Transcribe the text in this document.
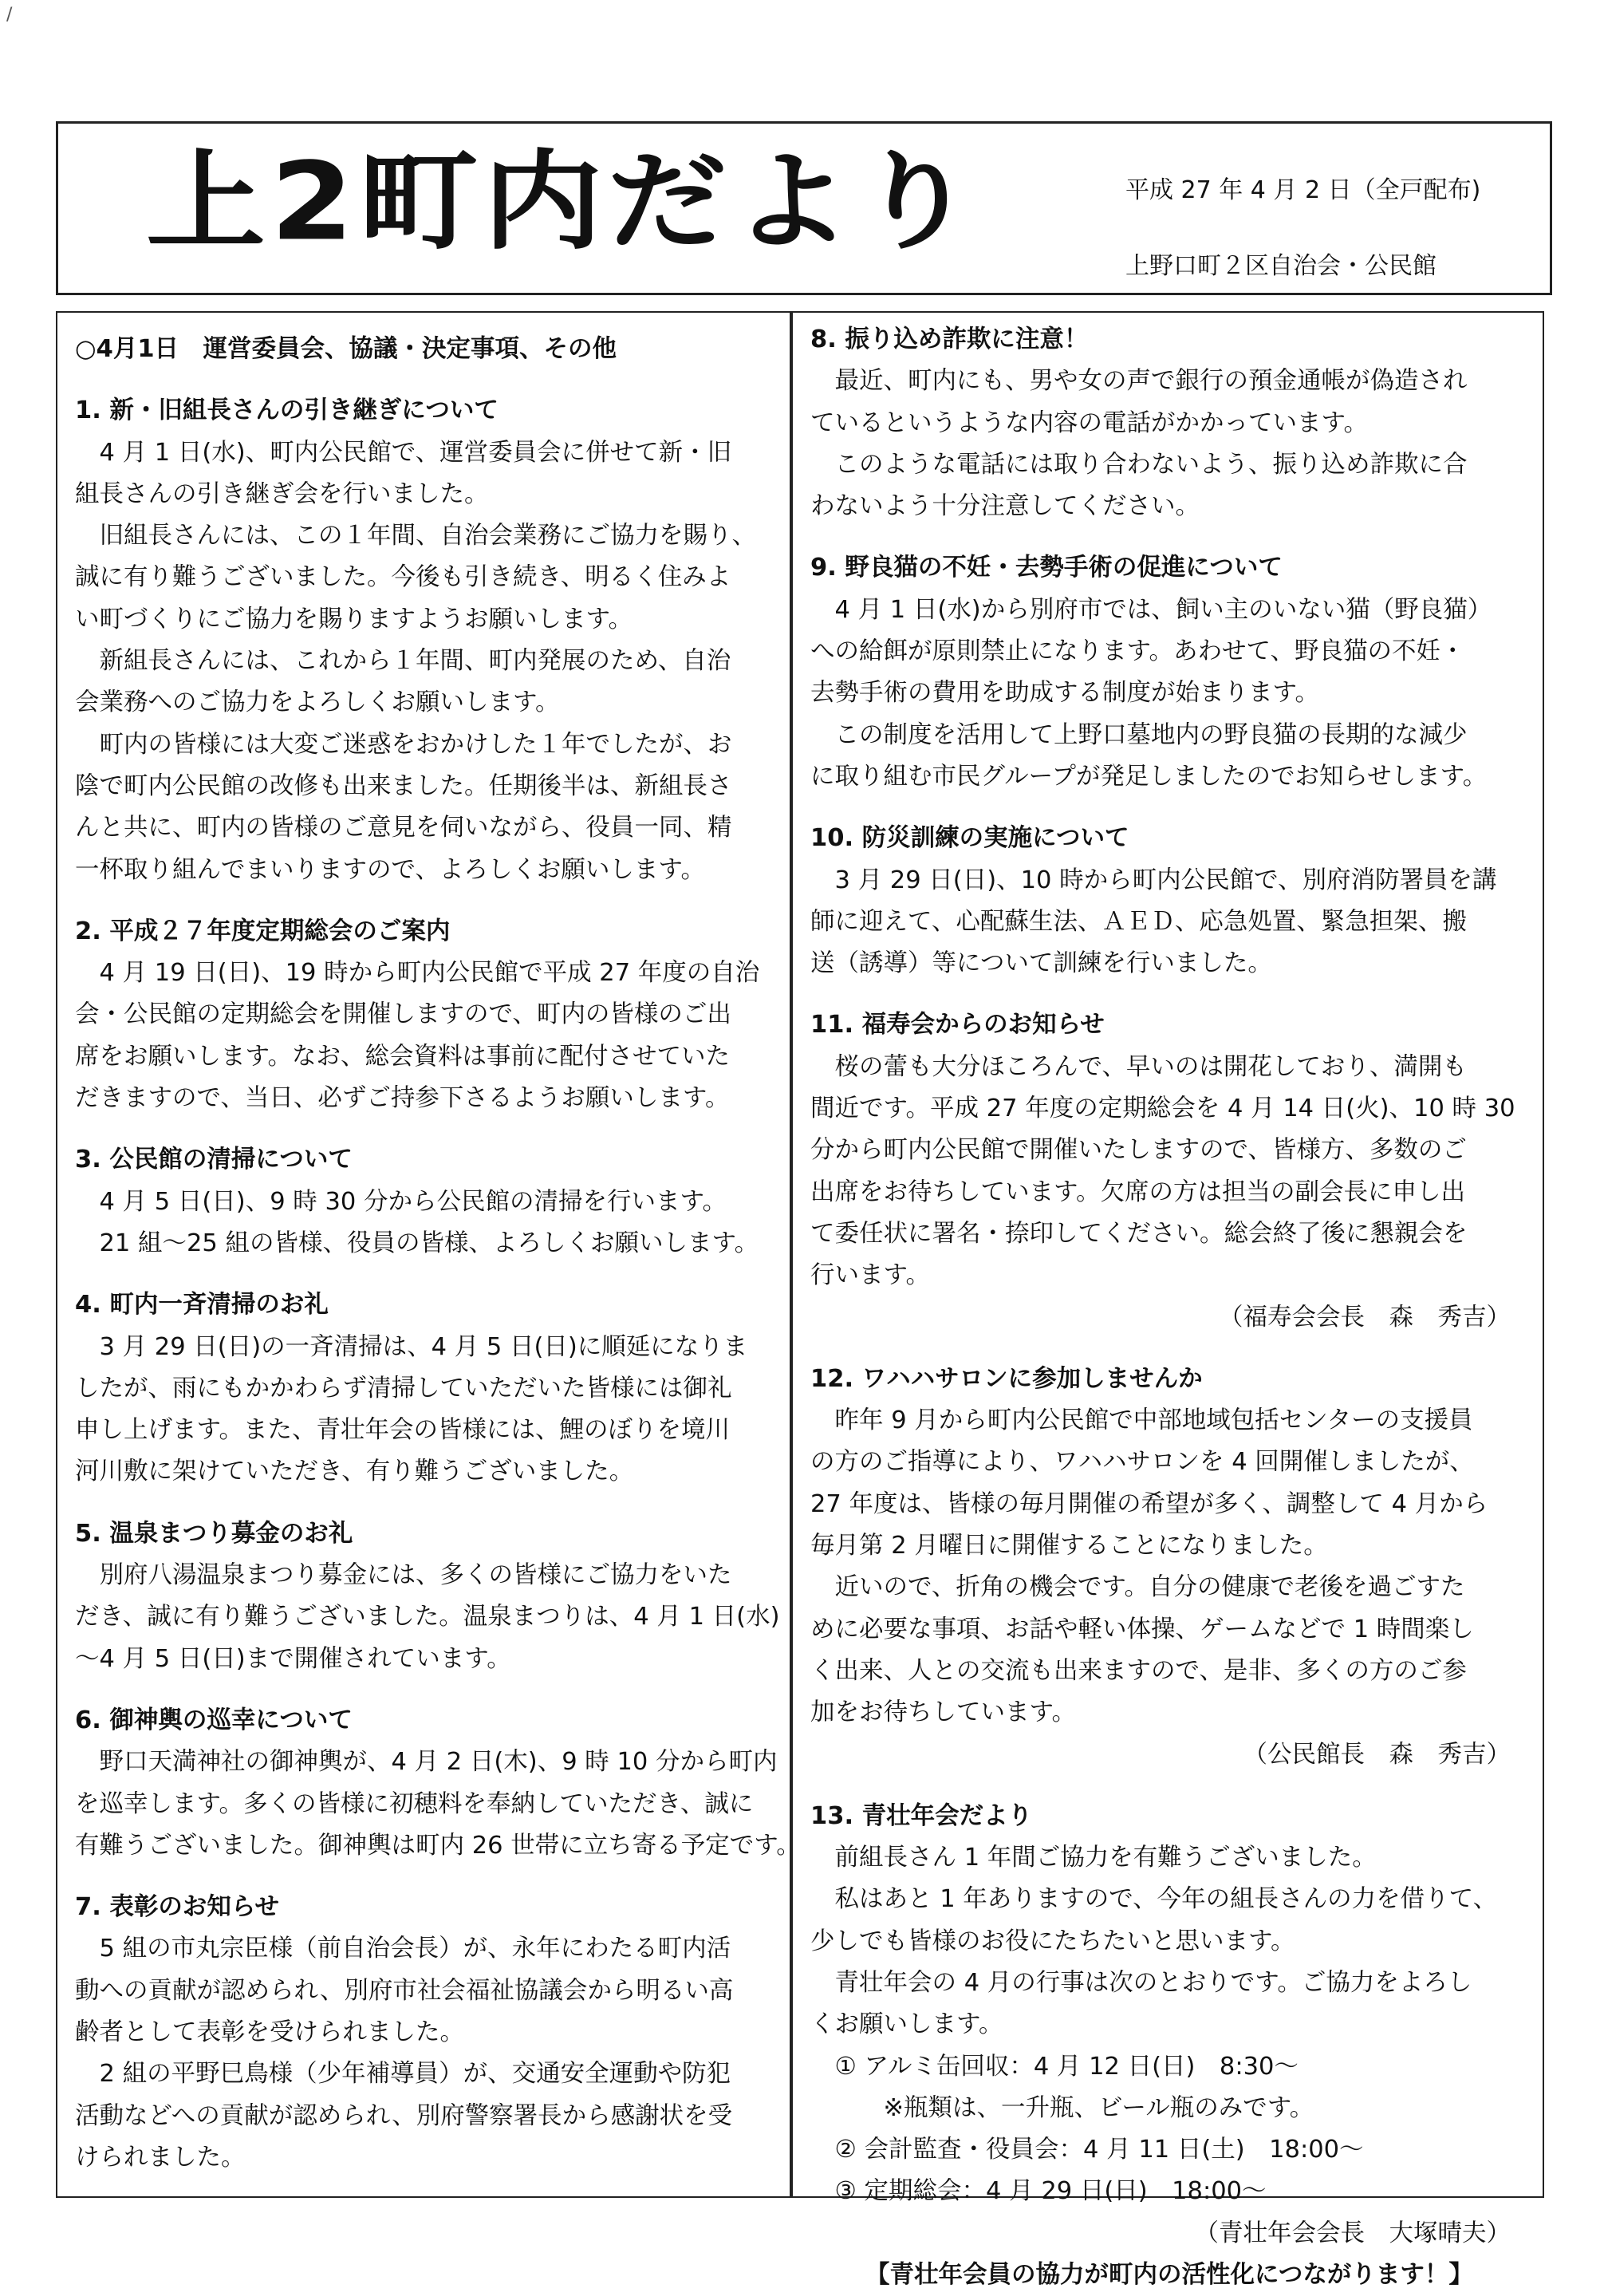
/
上2町内だより	平成 27 年 4 月 2 日（全戸配布)
上野口町２区自治会・公民館

○4月1日　運営委員会、協議・決定事項、その他

1. 新・旧組長さんの引き継ぎについて

　4 月 1 日(水)、町内公民館で、運営委員会に併せて新・旧

組長さんの引き継ぎ会を行いました。

　旧組長さんには、この１年間、自治会業務にご協力を賜り、

誠に有り難うございました。今後も引き続き、明るく住みよ

い町づくりにご協力を賜りますようお願いします。

　新組長さんには、これから１年間、町内発展のため、自治

会業務へのご協力をよろしくお願いします。

　町内の皆様には大変ご迷惑をおかけした１年でしたが、お

陰で町内公民館の改修も出来ました。任期後半は、新組長さ

んと共に、町内の皆様のご意見を伺いながら、役員一同、精

一杯取り組んでまいりますので、よろしくお願いします。

2. 平成２７年度定期総会のご案内

　4 月 19 日(日)、19 時から町内公民館で平成 27 年度の自治

会・公民館の定期総会を開催しますので、町内の皆様のご出

席をお願いします。なお、総会資料は事前に配付させていた

だきますので、当日、必ずご持参下さるようお願いします。

3. 公民館の清掃について

　4 月 5 日(日)、9 時 30 分から公民館の清掃を行います。

　21 組〜25 組の皆様、役員の皆様、よろしくお願いします。

4. 町内一斉清掃のお礼

　3 月 29 日(日)の一斉清掃は、4 月 5 日(日)に順延になりま

したが、雨にもかかわらず清掃していただいた皆様には御礼

申し上げます。また、青壮年会の皆様には、鯉のぼりを境川

河川敷に架けていただき、有り難うございました。

5. 温泉まつり募金のお礼

　別府八湯温泉まつり募金には、多くの皆様にご協力をいた

だき、誠に有り難うございました。温泉まつりは、4 月 1 日(水)

〜4 月 5 日(日)まで開催されています。

6. 御神輿の巡幸について

　野口天満神社の御神輿が、4 月 2 日(木)、9 時 10 分から町内

を巡幸します。多くの皆様に初穂料を奉納していただき、誠に

有難うございました。御神輿は町内 26 世帯に立ち寄る予定です。

7. 表彰のお知らせ

　5 組の市丸宗臣様（前自治会長）が、永年にわたる町内活

動への貢献が認められ、別府市社会福祉協議会から明るい高

齢者として表彰を受けられました。

　2 組の平野巳鳥様（少年補導員）が、交通安全運動や防犯

活動などへの貢献が認められ、別府警察署長から感謝状を受

けられました。

8. 振り込め詐欺に注意！

　最近、町内にも、男や女の声で銀行の預金通帳が偽造され

ているというような内容の電話がかかっています。

　このような電話には取り合わないよう、振り込め詐欺に合

わないよう十分注意してください。

9. 野良猫の不妊・去勢手術の促進について

　4 月 1 日(水)から別府市では、飼い主のいない猫（野良猫）

への給餌が原則禁止になります。あわせて、野良猫の不妊・

去勢手術の費用を助成する制度が始まります。

　この制度を活用して上野口墓地内の野良猫の長期的な減少

に取り組む市民グループが発足しましたのでお知らせします。

10. 防災訓練の実施について

　3 月 29 日(日)、10 時から町内公民館で、別府消防署員を講

師に迎えて、心配蘇生法、ＡＥＤ、応急処置、緊急担架、搬

送（誘導）等について訓練を行いました。

11. 福寿会からのお知らせ

　桜の蕾も大分ほころんで、早いのは開花しており、満開も

間近です。平成 27 年度の定期総会を 4 月 14 日(火)、10 時 30

分から町内公民館で開催いたしますので、皆様方、多数のご

出席をお待ちしています。欠席の方は担当の副会長に申し出

て委任状に署名・捺印してください。総会終了後に懇親会を

行います。

（福寿会会長　森　秀吉）

12. ワハハサロンに参加しませんか

　昨年 9 月から町内公民館で中部地域包括センターの支援員

の方のご指導により、ワハハサロンを 4 回開催しましたが、

27 年度は、皆様の毎月開催の希望が多く、調整して 4 月から

毎月第 2 月曜日に開催することになりました。

　近いので、折角の機会です。自分の健康で老後を過ごすた

めに必要な事項、お話や軽い体操、ゲームなどで 1 時間楽し

く出来、人との交流も出来ますので、是非、多くの方のご参

加をお待ちしています。

（公民館長　森　秀吉）

13. 青壮年会だより

　前組長さん 1 年間ご協力を有難うございました。

　私はあと 1 年ありますので、今年の組長さんの力を借りて、

少しでも皆様のお役にたちたいと思います。

　青壮年会の 4 月の行事は次のとおりです。ご協力をよろし

くお願いします。

　① アルミ缶回収：4 月 12 日(日)　8:30〜

　　　※瓶類は、一升瓶、ビール瓶のみです。

　② 会計監査・役員会：4 月 11 日(土)　18:00〜

　③ 定期総会：4 月 29 日(日)　18:00〜

（青壮年会会長　大塚晴夫）

【青壮年会員の協力が町内の活性化につながります！】
